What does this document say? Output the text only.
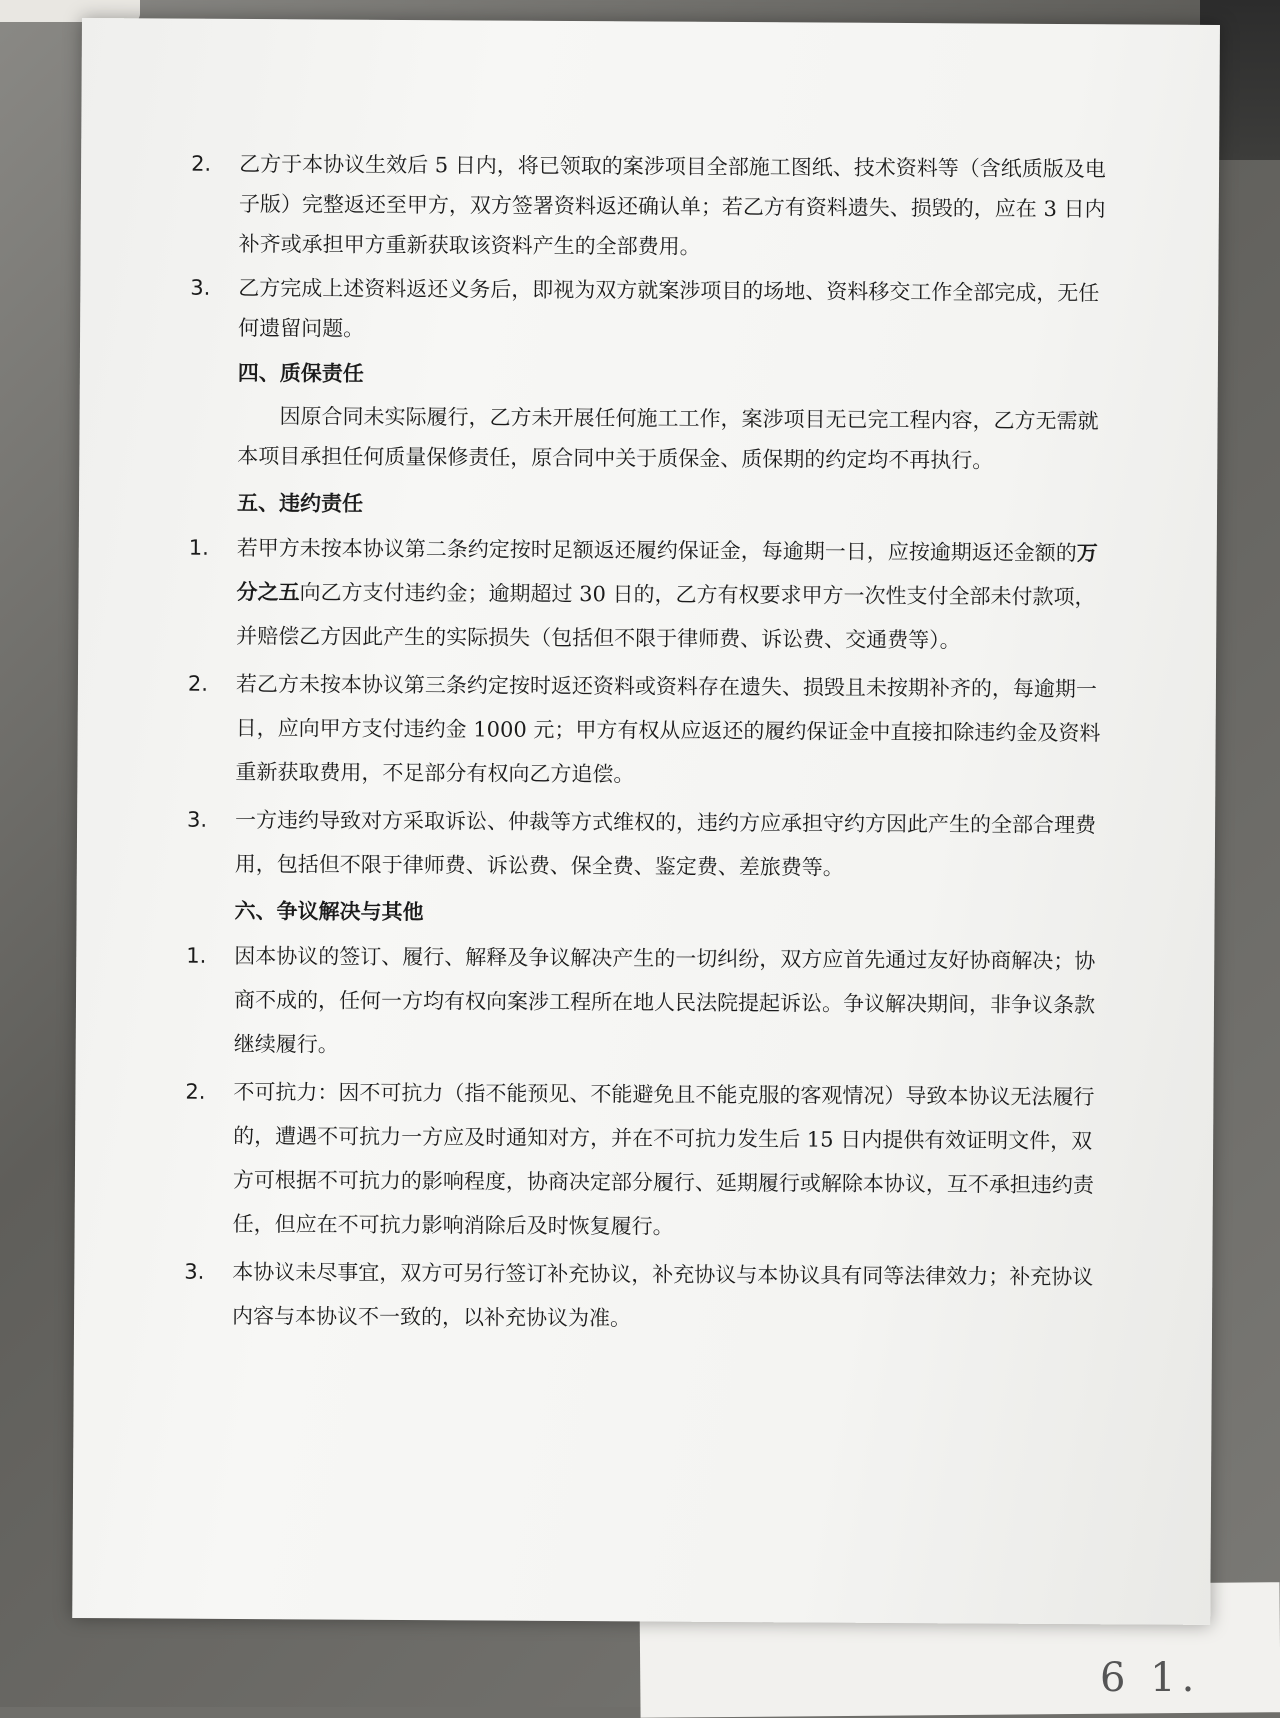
6 1.
2.	乙方于本协议生效后 5 日内，将已领取的案涉项目全部施工图纸、技术资料等（含纸质版及电子版）完整返还至甲方，双方签署资料返还确认单；若乙方有资料遗失、损毁的，应在 3 日内补齐或承担甲方重新获取该资料产生的全部费用。
3.	乙方完成上述资料返还义务后，即视为双方就案涉项目的场地、资料移交工作全部完成，无任何遗留问题。
四、质保责任
因原合同未实际履行，乙方未开展任何施工工作，案涉项目无已完工程内容，乙方无需就本项目承担任何质量保修责任，原合同中关于质保金、质保期的约定均不再执行。
五、违约责任
1.	若甲方未按本协议第二条约定按时足额返还履约保证金，每逾期一日，应按逾期返还金额的万分之五向乙方支付违约金；逾期超过 30 日的，乙方有权要求甲方一次性支付全部未付款项，并赔偿乙方因此产生的实际损失（包括但不限于律师费、诉讼费、交通费等）。
2.	若乙方未按本协议第三条约定按时返还资料或资料存在遗失、损毁且未按期补齐的，每逾期一日，应向甲方支付违约金 1000 元；甲方有权从应返还的履约保证金中直接扣除违约金及资料重新获取费用，不足部分有权向乙方追偿。
3.	一方违约导致对方采取诉讼、仲裁等方式维权的，违约方应承担守约方因此产生的全部合理费用，包括但不限于律师费、诉讼费、保全费、鉴定费、差旅费等。
六、争议解决与其他
1.	因本协议的签订、履行、解释及争议解决产生的一切纠纷，双方应首先通过友好协商解决；协商不成的，任何一方均有权向案涉工程所在地人民法院提起诉讼。争议解决期间，非争议条款继续履行。
2.	不可抗力：因不可抗力（指不能预见、不能避免且不能克服的客观情况）导致本协议无法履行的，遭遇不可抗力一方应及时通知对方，并在不可抗力发生后 15 日内提供有效证明文件，双方可根据不可抗力的影响程度，协商决定部分履行、延期履行或解除本协议，互不承担违约责任，但应在不可抗力影响消除后及时恢复履行。
3.	本协议未尽事宜，双方可另行签订补充协议，补充协议与本协议具有同等法律效力；补充协议内容与本协议不一致的，以补充协议为准。
